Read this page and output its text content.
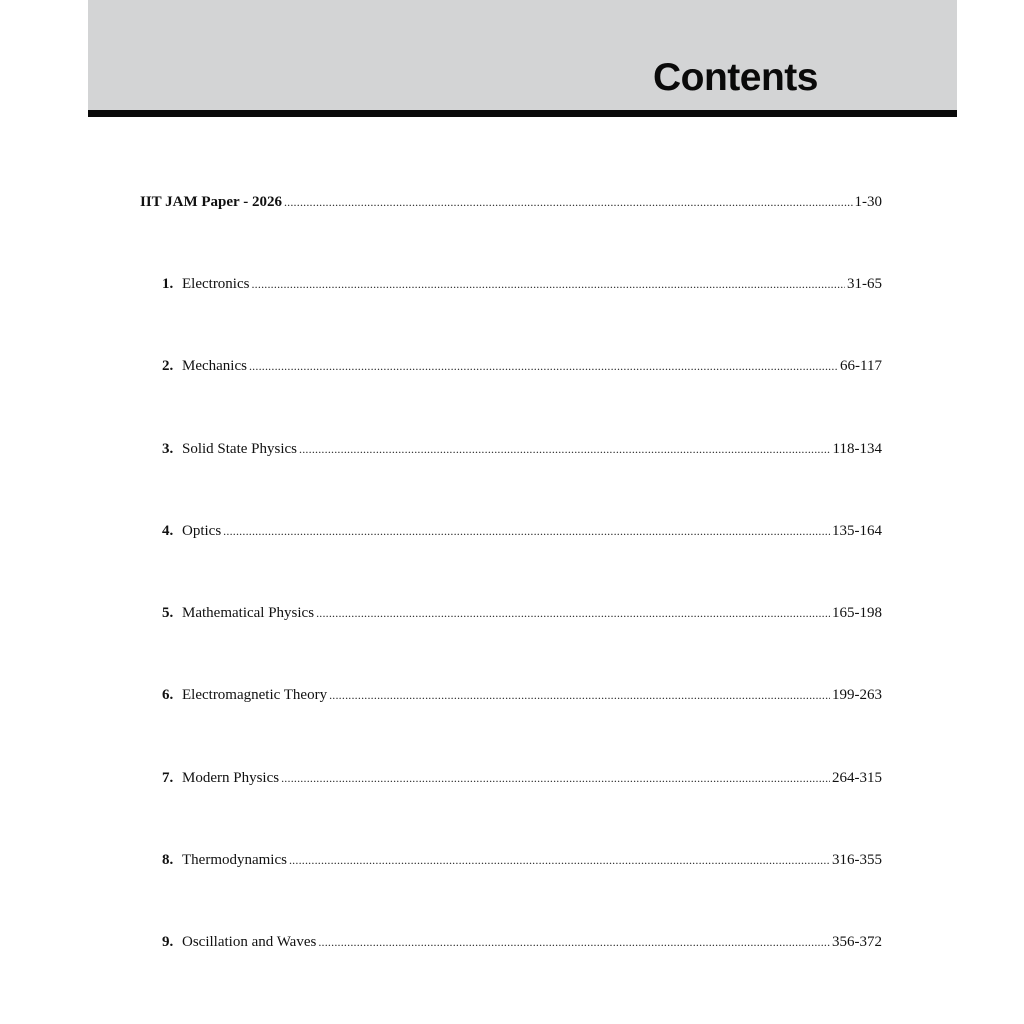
Contents
IIT JAM Paper - 2026 .....	1-30
1. Electronics .....	31-65
2. Mechanics .....	66-117
3. Solid State Physics .....	118-134
4. Optics .....	135-164
5. Mathematical Physics .....	165-198
6. Electromagnetic Theory .....	199-263
7. Modern Physics .....	264-315
8. Thermodynamics .....	316-355
9. Oscillation and Waves .....	356-372
